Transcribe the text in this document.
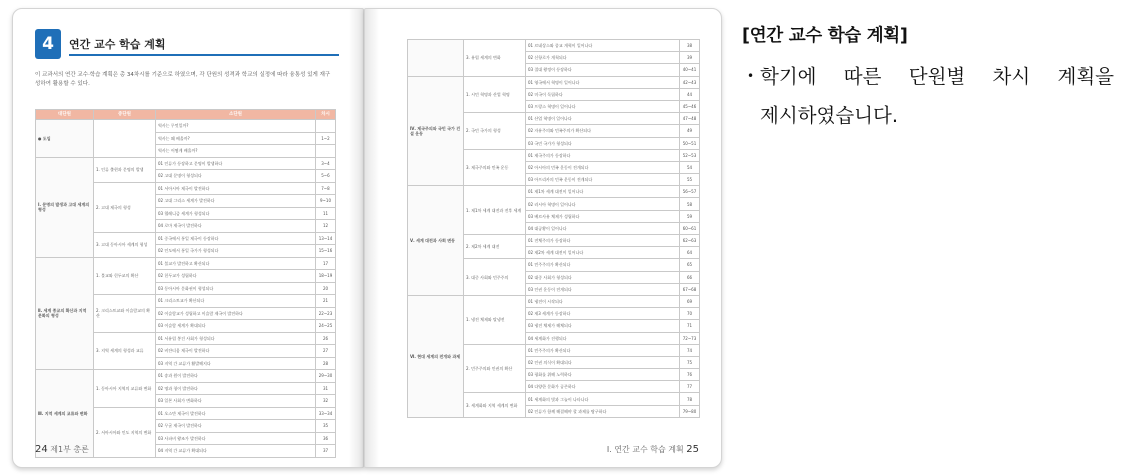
4	연간 교수 학습 계획
이 교과서의 연간 교수·학습 계획은 총 34차시를 기준으로 하였으며, 각 단원의 성격과 학교의 실정에 따라 융통성 있게 재구성하여 활용할 수 있다.
대단원	중단원	소단원	차시
● 도입		역사는 무엇일까?	
		역사는 왜 배울까?	1~2
		역사는 어떻게 배울까?	
Ⅰ. 문명의 발생과 고대 세계의 형성	1. 인류 출현과 문명의 발생	01 인류가 등장하고 문명이 발생하다	3~4
		02 고대 문명이 형성되다	5~6
	2. 고대 제국의 형성	01 서아시아 제국이 발전하다	7~8
		02 고대 그리스 세계가 발전하다	9~10
		03 헬레니즘 세계가 형성되다	11
		04 로마 제국이 발전하다	12
	3. 고대 동아시아 세계의 형성	01 중국에서 통일 제국이 등장하다	13~14
		02 인도에서 통일 국가가 형성되다	15~16
Ⅱ. 세계 종교의 확산과 지역 문화의 형성	1. 불교와 힌두교의 확산	01 불교가 발전하고 확산되다	17
		02 힌두교가 성립하다	18~19
		03 동아시아 문화권이 형성되다	20
	2. 크리스트교와 이슬람교의 확산	01 크리스트교가 확산되다	21
		02 이슬람교가 성립하고 이슬람 제국이 발전하다	22~23
		03 이슬람 세계가 확대되다	24~25
	3. 지역 세계의 형성과 교류	01 서유럽 봉건 사회가 형성되다	26
		02 비잔티움 제국이 발전하다	27
		03 지역 간 교류가 활발해지다	28
Ⅲ. 지역 세계의 교류와 변화	1. 동아시아 지역의 교류와 변화	01 송과 원이 발전하다	29~30
		02 명과 청이 발전하다	31
		03 일본 사회가 변화하다	32
	2. 서아시아와 인도 지역의 변화	01 오스만 제국이 발전하다	33~34
		02 무굴 제국이 발전하다	35
		03 사파비 왕조가 발전하다	36
		04 지역 간 교류가 확대되다	37
24 제1부 총론
	3. 유럽 세계의 변화	01 르네상스와 종교 개혁이 일어나다	38
		02 신항로가 개척되다	39
		03 절대 왕정이 등장하다	40~41
Ⅳ. 제국주의와 국민 국가 건설 운동	1. 시민 혁명과 산업 혁명	01 영국에서 혁명이 일어나다	42~43
		02 미국이 독립하다	44
		03 프랑스 혁명이 일어나다	45~46
	2. 국민 국가의 형성	01 산업 혁명이 일어나다	47~48
		02 자유주의와 민족주의가 확산되다	49
		03 국민 국가가 형성되다	50~51
	3. 제국주의와 민족 운동	01 제국주의가 등장하다	52~53
		02 아시아의 민족 운동이 전개되다	54
		03 아프리카의 민족 운동이 전개되다	55
Ⅴ. 세계 대전과 사회 변동	1. 제1차 세계 대전과 전후 세계	01 제1차 세계 대전이 일어나다	56~57
		02 러시아 혁명이 일어나다	58
		03 베르사유 체제가 성립하다	59
		04 대공황이 일어나다	60~61
	2. 제2차 세계 대전	01 전체주의가 등장하다	62~63
		02 제2차 세계 대전이 일어나다	64
	3. 대중 사회와 민주주의	01 민주주의가 확산되다	65
		02 대중 사회가 형성되다	66
		03 인권 운동이 전개되다	67~68
Ⅵ. 현대 세계의 전개와 과제	1. 냉전 체제와 탈냉전	01 냉전이 시작되다	69
		02 제3 세계가 등장하다	70
		03 냉전 체제가 해체되다	71
		04 세계화가 진행되다	72~73
	2. 민주주의와 인권의 확산	01 민주주의가 확산되다	74
		02 인권 의식이 확대되다	75
		03 평화를 위해 노력하다	76
		04 다양한 문화가 공존하다	77
	3. 세계화와 지역 세계의 변화	01 세계화의 빛과 그늘이 나타나다	78
		02 인류가 함께 해결해야 할 과제를 탐구하다	79~80
Ⅰ. 연간 교수 학습 계획 25
[연간 교수 학습 계획]
• 학기에 따른 단원별 차시 계획을 제시하였습니다.
